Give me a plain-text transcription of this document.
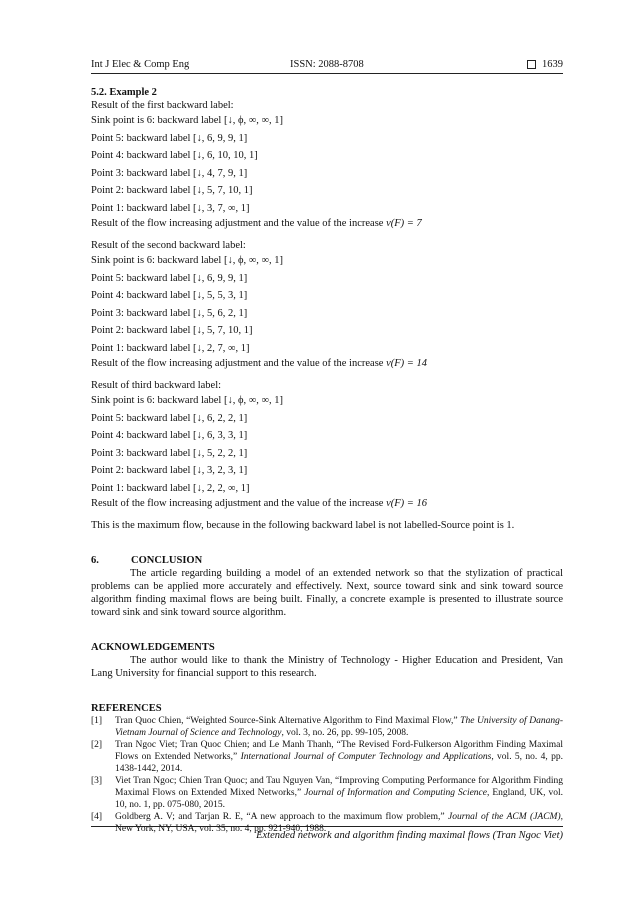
Int J Elec & Comp Eng	ISSN: 2088-8708	1639
5.2. Example 2
Result of the first backward label:
Sink point is 6: backward label [↓, ϕ, ∞, ∞, 1]
Point 5: backward label [↓, 6, 9, 9, 1]
Point 4: backward label [↓, 6, 10, 10, 1]
Point 3: backward label [↓, 4, 7, 9, 1]
Point 2: backward label [↓, 5, 7, 10, 1]
Point 1: backward label [↓, 3, 7, ∞, 1]
Result of the flow increasing adjustment and the value of the increase v(F) = 7
Result of the second backward label:
Sink point is 6: backward label [↓, ϕ, ∞, ∞, 1]
Point 5: backward label [↓, 6, 9, 9, 1]
Point 4: backward label [↓, 5, 5, 3, 1]
Point 3: backward label [↓, 5, 6, 2, 1]
Point 2: backward label [↓, 5, 7, 10, 1]
Point 1: backward label [↓, 2, 7, ∞, 1]
Result of the flow increasing adjustment and the value of the increase v(F) = 14
Result of third backward label:
Sink point is 6: backward label [↓, ϕ, ∞, ∞, 1]
Point 5: backward label [↓, 6, 2, 2, 1]
Point 4: backward label [↓, 6, 3, 3, 1]
Point 3: backward label [↓, 5, 2, 2, 1]
Point 2: backward label [↓, 3, 2, 3, 1]
Point 1: backward label [↓, 2, 2, ∞, 1]
Result of the flow increasing adjustment and the value of the increase v(F) = 16
This is the maximum flow, because in the following backward label is not labelled-Source point is 1.
6.	CONCLUSION
The article regarding building a model of an extended network so that the stylization of practical problems can be applied more accurately and effectively. Next, source toward sink and sink toward source algorithm finding maximal flows are being built. Finally, a concrete example is presented to illustrate source toward sink and sink toward source algorithm.
ACKNOWLEDGEMENTS
The author would like to thank the Ministry of Technology - Higher Education and President, Van Lang University for financial support to this research.
REFERENCES
[1]	Tran Quoc Chien, “Weighted Source-Sink Alternative Algorithm to Find Maximal Flow,” The University of Danang-Vietnam Journal of Science and Technology, vol. 3, no. 26, pp. 99-105, 2008.
[2]	Tran Ngoc Viet; Tran Quoc Chien; and Le Manh Thanh, “The Revised Ford-Fulkerson Algorithm Finding Maximal Flows on Extended Networks,” International Journal of Computer Technology and Applications, vol. 5, no. 4, pp. 1438-1442, 2014.
[3]	Viet Tran Ngoc; Chien Tran Quoc; and Tau Nguyen Van, “Improving Computing Performance for Algorithm Finding Maximal Flows on Extended Mixed Networks,” Journal of Information and Computing Science, England, UK, vol. 10, no. 1, pp. 075-080, 2015.
[4]	Goldberg A. V; and Tarjan R. E, “A new approach to the maximum flow problem,” Journal of the ACM (JACM), New York, NY, USA, vol. 35, no. 4, pp. 921-940, 1988.
Extended network and algorithm finding maximal flows (Tran Ngoc Viet)
